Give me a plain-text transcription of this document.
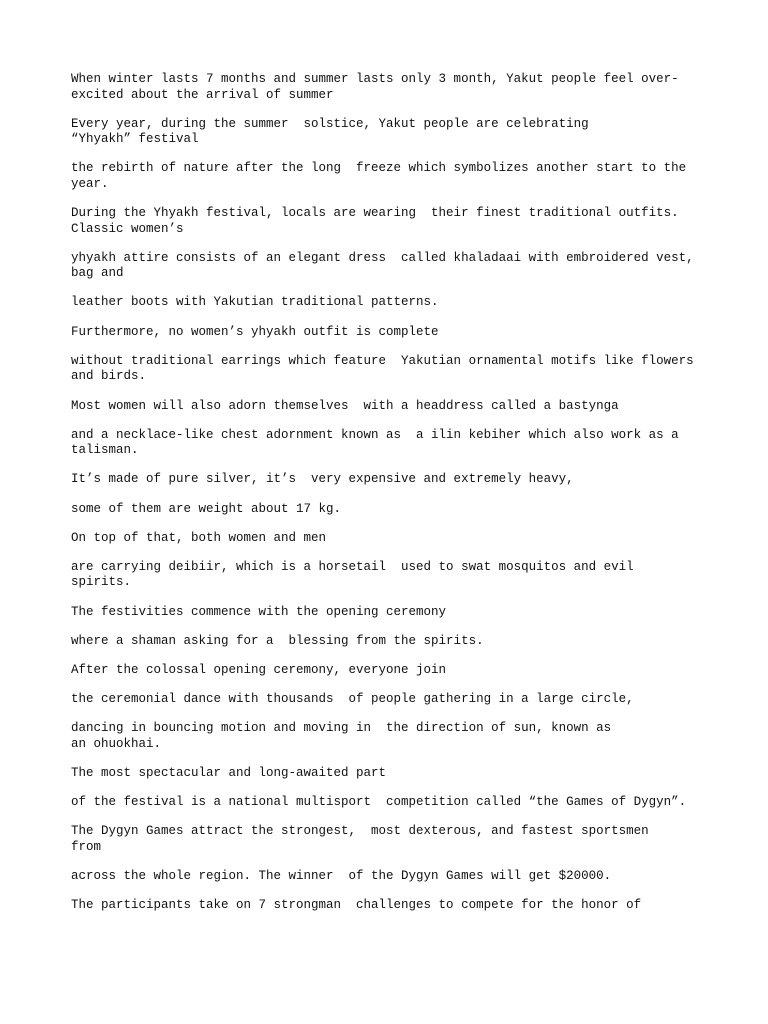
When winter lasts 7 months and summer lasts only 3 month, Yakut people feel over-
excited about the arrival of summer

Every year, during the summer  solstice, Yakut people are celebrating
“Yhyakh” festival

the rebirth of nature after the long  freeze which symbolizes another start to the
year.

During the Yhyakh festival, locals are wearing  their finest traditional outfits.
Classic women’s

yhyakh attire consists of an elegant dress  called khaladaai with embroidered vest,
bag and

leather boots with Yakutian traditional patterns.

Furthermore, no women’s yhyakh outfit is complete

without traditional earrings which feature  Yakutian ornamental motifs like flowers
and birds.

Most women will also adorn themselves  with a headdress called a bastynga

and a necklace-like chest adornment known as  a ilin kebiher which also work as a
talisman.

It’s made of pure silver, it’s  very expensive and extremely heavy,

some of them are weight about 17 kg.

On top of that, both women and men

are carrying deibiir, which is a horsetail  used to swat mosquitos and evil
spirits.

The festivities commence with the opening ceremony

where a shaman asking for a  blessing from the spirits.

After the colossal opening ceremony, everyone join

the ceremonial dance with thousands  of people gathering in a large circle,

dancing in bouncing motion and moving in  the direction of sun, known as
an ohuokhai.

The most spectacular and long-awaited part

of the festival is a national multisport  competition called “the Games of Dygyn”.

The Dygyn Games attract the strongest,  most dexterous, and fastest sportsmen
from

across the whole region. The winner  of the Dygyn Games will get $20000.

The participants take on 7 strongman  challenges to compete for the honor of
